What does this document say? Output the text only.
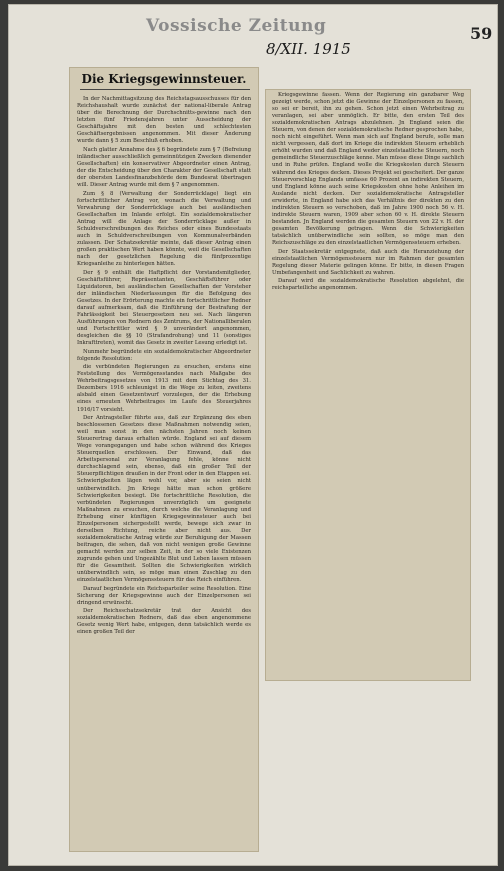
Vossische Zeitung
8/XII. 1915
59
Die Kriegsgewinnsteuer.

In der Nachmittagsitzung des Reichstagsausschusses für den Reichshaushalt wurde zunächst der national-liberale Antrag über die Berechnung der Durchschnitts-gewinne nach den letzten fünf Friedensjahren unter Ausscheidung der Geschäftsjahre mit den besten und schlechtesten Geschäftsergebnissen angenommen. Mit dieser Änderung wurde dann § 5 zum Beschluß erhoben.

Nach glatter Annahme des § 6 begründete zum § 7 (Befreiung inländischer ausschließlich gemeinnützigen Zwecken dienender Gesellschaften) ein konservativer Abgeordneter einen Antrag, der die Entscheidung über den Charakter der Gesellschaft statt der obersten Landesfinanzbehörde dem Bundesrat übertragen will. Dieser Antrag wurde mit dem § 7 angenommen.

Zum § 8 (Verwaltung der Sonderrücklage) liegt ein fortschrittlicher Antrag vor, wonach die Verwaltung und Verwahrung der Sonderrücklage auch bei ausländischen Gesellschaften im Inlande erfolgt. Ein sozialdemokratischer Antrag will die Anlage der Sonderrücklage außer in Schuldverschreibungen des Reiches oder eines Bundesstaats auch in Schuldverschreibungen von Kommunalverbänden zulassen. Der Schatzsekretär meinte, daß dieser Antrag einen großen praktischen Wert haben könnte, weil die Gesellschaften nach der gesetzlichen Regelung die fünfprozentige Kriegsanleihe zu hinterlegen hätten.

Der § 9 enthält die Haftpflicht der Vorstandsmitglieder, Geschäftsführer, Repräsentanten, Geschäftsführer oder Liquidatoren, bei ausländischen Gesellschaften der Vorsteher der inländischen Niederlassungen für die Befolgung des Gesetzes. In der Erörterung machte ein fortschrittlicher Redner darauf aufmerksam, daß die Einführung der Bestrafung der Fahrlässigkeit bei Steuergesetzen neu sei. Nach längeren Ausführungen von Rednern des Zentrums, der Nationalliberalen und Fortschrittler wird § 9 unverändert angenommen, desgleichen die §§ 10 (Strafandrohung) und 11 (sonstiges Inkrafttreten), womit das Gesetz in zweiter Lesung erledigt ist.

Nunmehr begründete ein sozialdemokratischer Abgeordneter folgende Resolution:

die verbündeten Regierungen zu ersuchen, erstens eine Feststellung des Vermögensstandes nach Maßgabe des Wehrbeitragsgesetzes von 1913 mit dem Stichtag des 31. Dezembers 1916 schleunigst in die Wege zu leiten, zweitens alsbald einen Gesetzentwurf vorzulegen, der die Erhebung eines erneuten Wehrbeitrages im Laufe des Steuerjahres 1916/17 vorsieht.

Der Antragsteller führte aus, daß zur Ergänzung des eben beschlossenen Gesetzes diese Maßnahmen notwendig seien, weil man sonst in den nächsten Jahren noch keinen Steuerertrag daraus erhalten würde. England sei auf diesem Wege vorangegangen und habe schon während des Krieges Steuerquellen erschlossen. Der Einwand, daß das Arbeitspersonal zur Veranlagung fehle, könne nicht durchschlagend sein, ebenso, daß ein großer Teil der Steuerpflichtigen draußen in der Front oder in den Etappen sei. Schwierigkeiten lägen wohl vor, aber sie seien nicht unüberwindlich. Jm Kriege hätte man schon größere Schwierigkeiten besiegt. Die fortschrittliche Resolution, die verbündeten Regierungen unverzüglich um geeignete Maßnahmen zu ersuchen, durch welche die Veranlagung und Erhebung einer künftigen Kriegsgewinnsteuer auch bei Einzelpersonen sichergestellt werde, bewege sich zwar in derselben Richtung, reiche aber nicht aus. Der sozialdemokratische Antrag würde zur Beruhigung der Massen beitragen, die sehen, daß von nicht wenigen große Gewinne gemacht werden zur selben Zeit, in der so viele Existenzen zugrunde gehen und Ungezählte Blut und Leben lassen müssen für die Gesamtheit. Sollten die Schwierigkeiten wirklich unüberwindlich sein, so möge man einen Zuschlag zu den einzelstaatlichen Vermögenssteuern für das Reich einführen.

Darauf begründete ein Reichsparteiler seine Resolution. Eine Sicherung der Kriegsgewinne auch der Einzelpersonen sei dringend erwünscht.

Der Reichsschatzsekretär trat der Ansicht des sozialdemokratischen Redners, daß das eben angenommene Gesetz wenig Wert habe, entgegen, denn tatsächlich werde es einen großen Teil der

Kriegsgewinne fassen. Wenn der Regierung ein ganzbarer Weg gezeigt werde, schon jetzt die Gewinne der Einzelpersonen zu fassen, so sei er bereit, ihn zu gehen. Schon jetzt einen Wehrbeitrag zu veranlagen, sei aber unmöglich. Er bitte, den ersten Teil des sozialdemokratischen Antrags abzulehnen. Jn England seien die Steuern, von denen der sozialdemokratische Redner gesprochen habe, noch nicht eingeführt. Wenn man sich auf England berufe, solle man nicht vergessen, daß dort im Kriege die indirekten Steuern erheblich erhöht wurden und daß England weder einzelstaatliche Steuern, noch gemeindliche Steuerzuschläge kenne. Man müsse diese Dinge sachlich und in Ruhe prüfen. England wolle die Kriegskosten durch Steuern während des Krieges decken. Dieses Projekt sei gescheitert. Der ganze Steuervorschlag Englands umfasse 60 Prozent an indirekten Steuern, und England könne auch seine Kriegskosten ohne hohe Anleihen im Auslande nicht decken. Der sozialdemokratische Antragsteller erwiderte, in England habe sich das Verhältnis der direkten zu den indirekten Steuern so verschoben, daß im Jahre 1900 noch 56 v. H. indirekte Steuern waren, 1909 aber schon 60 v. H. direkte Steuern bestanden. Jn England werden die gesamten Steuern von 22 v. H. der gesamten Bevölkerung getragen. Wenn die Schwierigkeiten tatsächlich unüberwindliche sein sollten, so möge man den Reichszuschläge zu den einzelstaatlichen Vermögenssteuern erheben.

Der Staatssekretär entgegnete, daß auch die Heranziehung der einzelstaatlichen Vermögenssteuern nur im Rahmen der gesamten Regelung dieser Materie gelingen könne. Er bitte, in diesen Fragen Umbefangenheit und Sachlichkeit zu wahren.

Darauf wird die sozialdemokratische Resolution abgelehnt, die reichsparteiliche angenommen.
